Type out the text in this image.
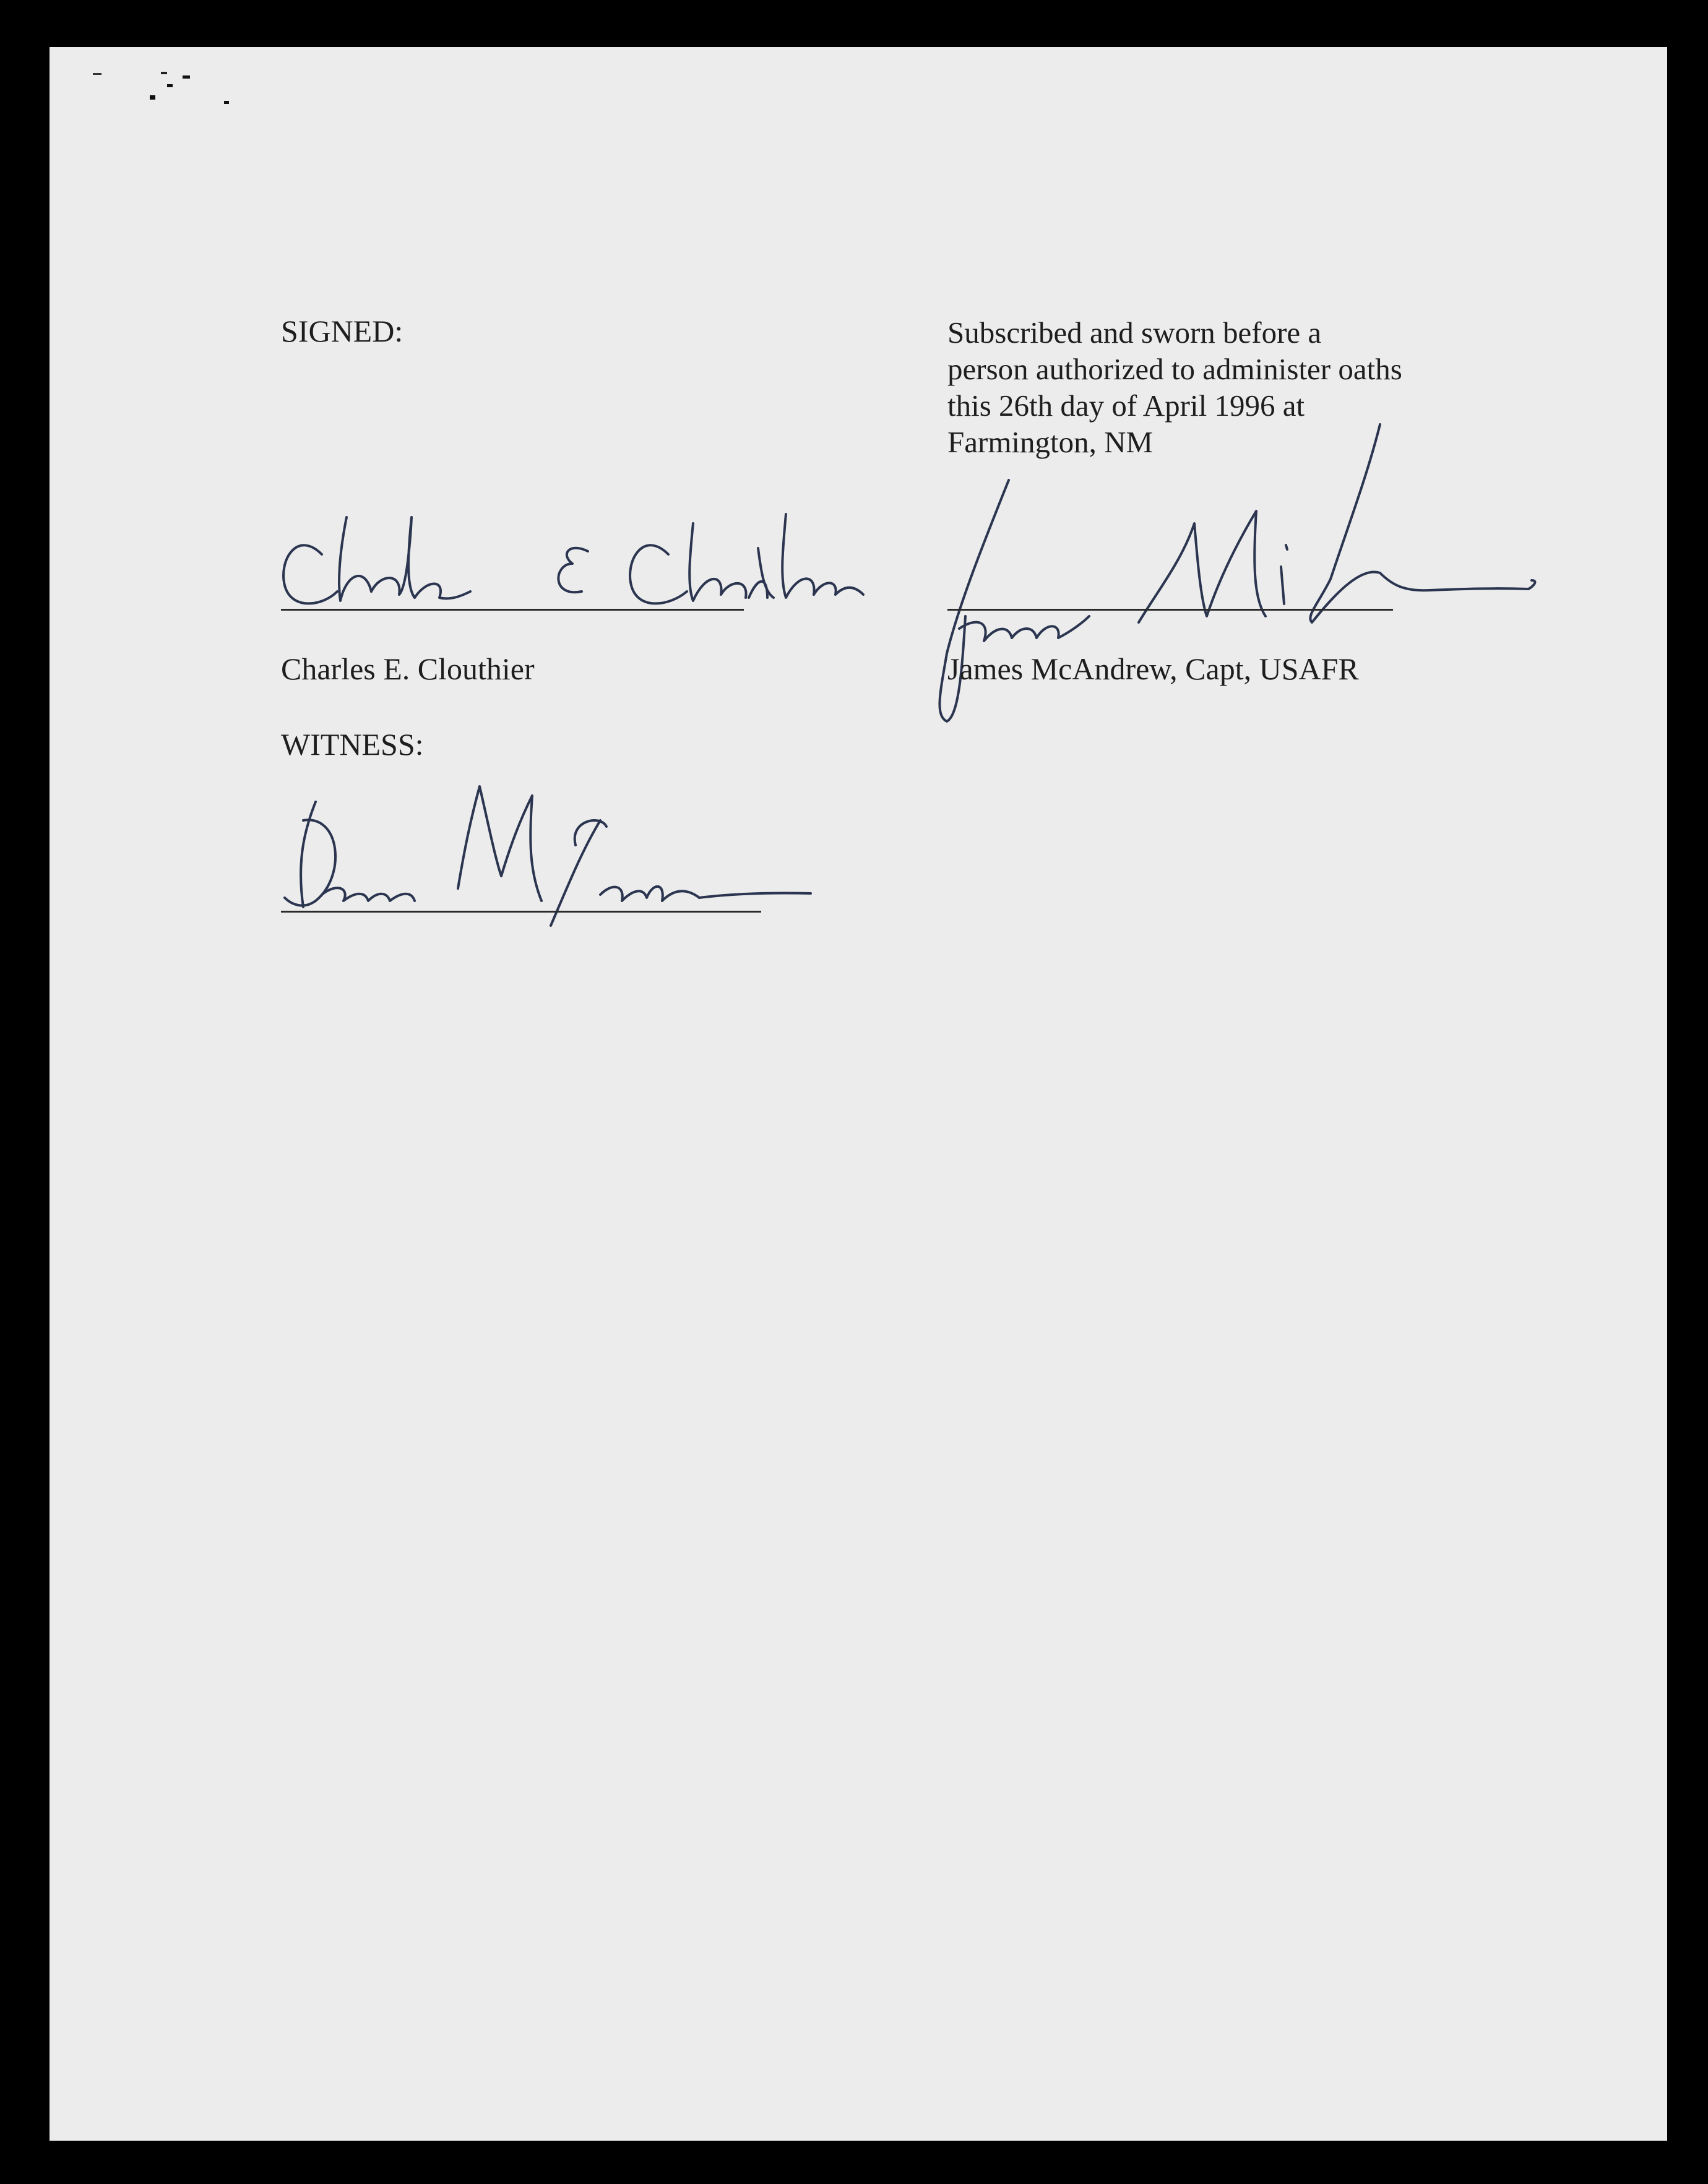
SIGNED:
Charles E. Clouthier
WITNESS:
Subscribed and sworn before a
person authorized to administer oaths
this 26th day of April 1996 at
Farmington, NM
James McAndrew, Capt, USAFR
